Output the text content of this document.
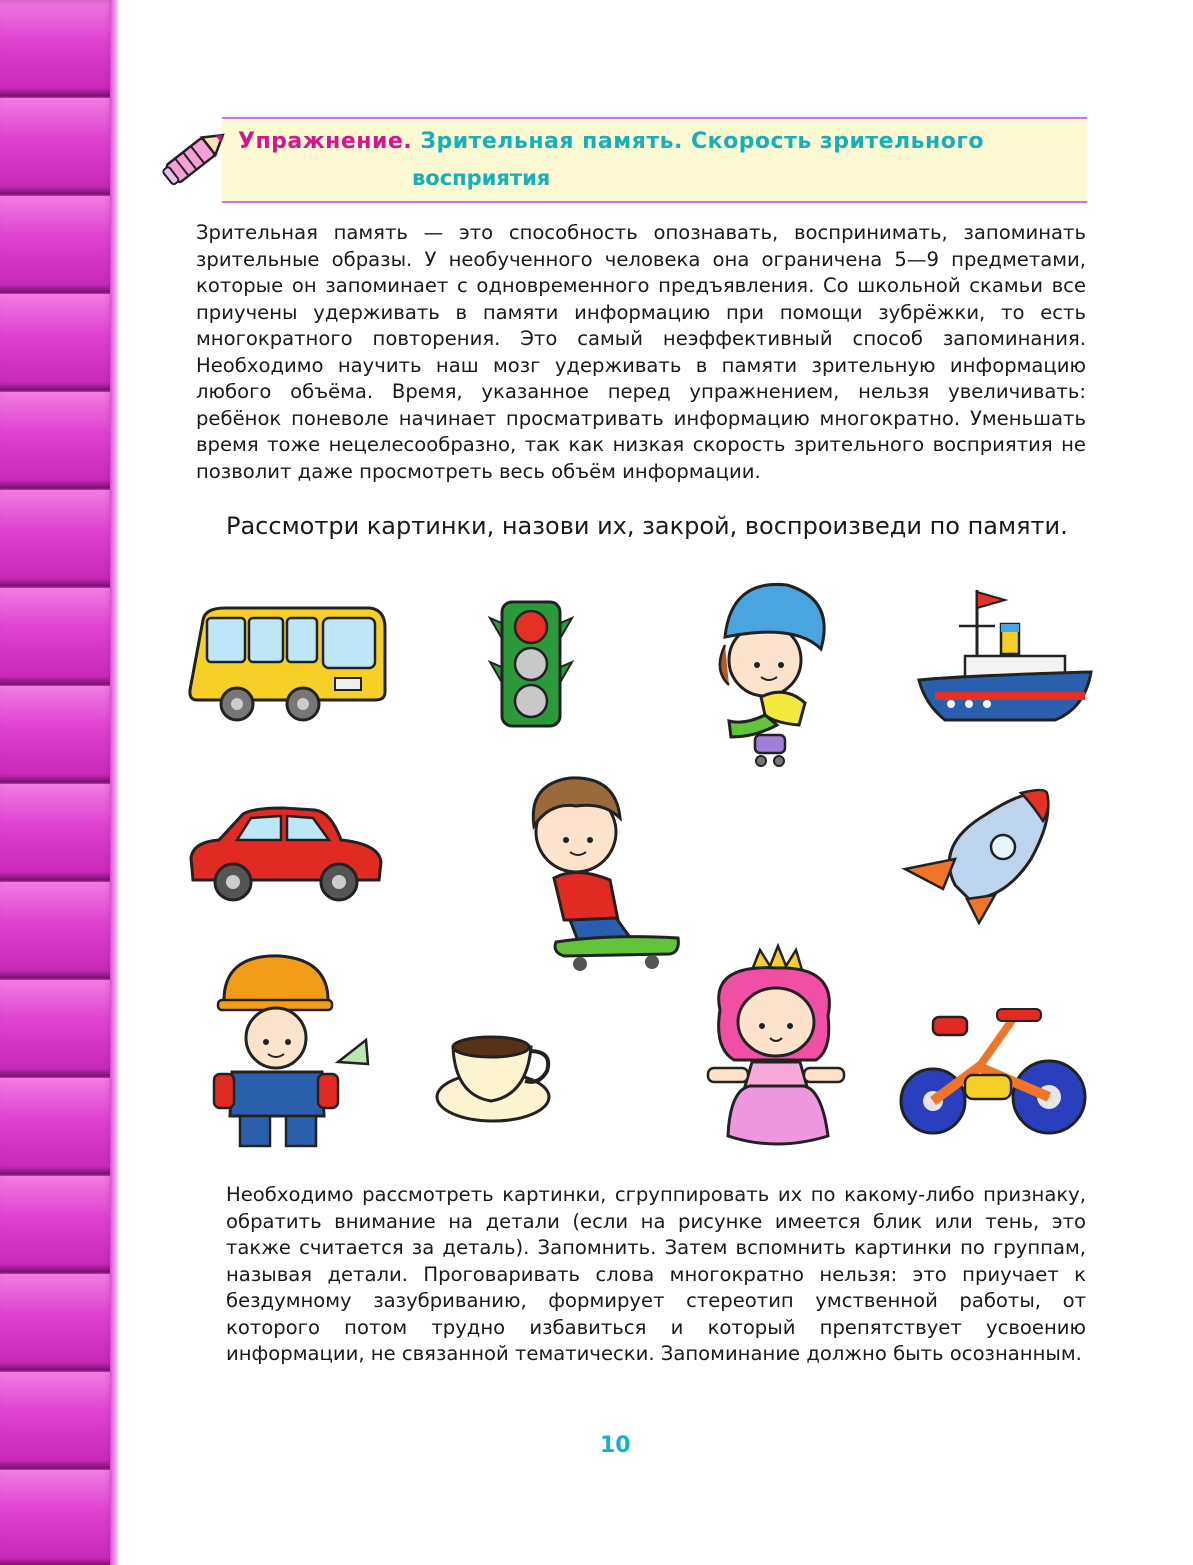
Упражнение. Зрительная память. Скорость зрительного
восприятия

Зрительная память — это способность опознавать, воспринимать, запоминать зрительные образы. У необученного человека она ограничена 5—9 предметами, которые он запоминает с одновременного предъявления. Со школьной скамьи все приучены удерживать в памяти информацию при помощи зубрёжки, то есть многократного повторения. Это самый неэффективный способ запоминания. Необходимо научить наш мозг удерживать в памяти зрительную информацию любого объёма. Время, указанное перед упражнением, нельзя увеличивать: ребёнок поневоле начинает просматривать информацию многократно. Уменьшать время тоже нецелесообразно, так как низкая скорость зрительного восприятия не позволит даже просмотреть весь объём информации.

Рассмотри картинки, назови их, закрой, воспроизведи по памяти.

Необходимо рассмотреть картинки, сгруппировать их по какому-либо признаку, обратить внимание на детали (если на рисунке имеется блик или тень, это также считается за деталь). Запомнить. Затем вспомнить картинки по группам, называя детали. Проговаривать слова многократно нельзя: это приучает к бездумному зазубриванию, формирует стереотип умственной работы, от которого потом трудно избавиться и который препятствует усвоению информации, не связанной тематически. Запоминание должно быть осознанным.

10
